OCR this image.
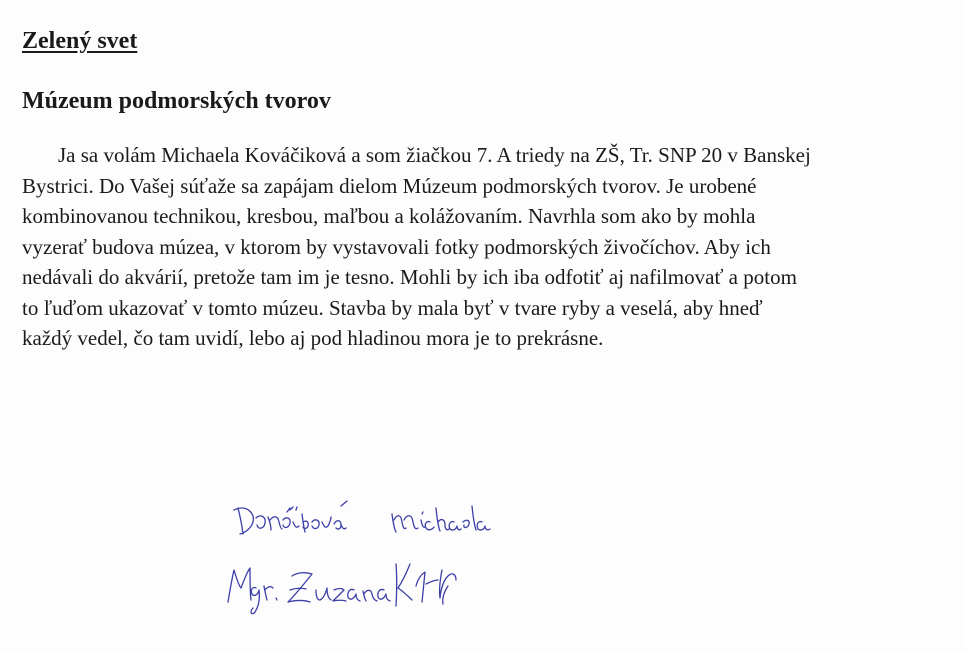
Zelený svet
Múzeum podmorských tvorov

Ja sa volám Michaela Kováčiková a som žiačkou 7. A triedy na ZŠ, Tr. SNP 20 v Banskej
Bystrici. Do Vašej súťaže sa zapájam dielom Múzeum podmorských tvorov. Je urobené
kombinovanou technikou, kresbou, maľbou a kolážovaním. Navrhla som ako by mohla
vyzerať budova múzea, v ktorom by vystavovali fotky podmorských živočíchov. Aby ich
nedávali do akvárií, pretože tam im je tesno. Mohli by ich iba odfotiť aj nafilmovať a potom
to ľuďom ukazovať v tomto múzeu. Stavba by mala byť v tvare ryby a veselá, aby hneď
každý vedel, čo tam uvidí, lebo aj pod hladinou mora je to prekrásne.
